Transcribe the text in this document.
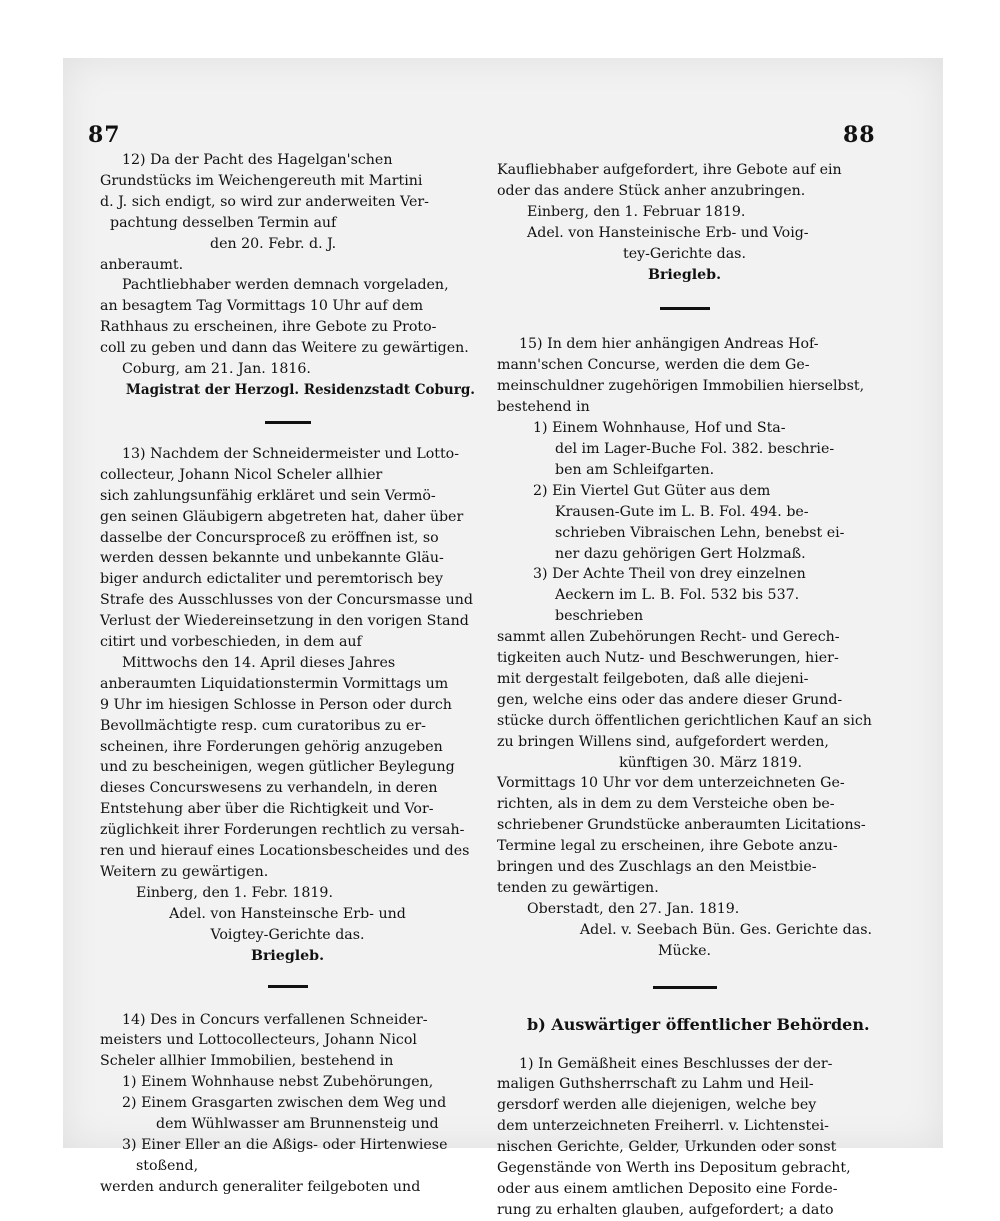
87	88
12) Da der Pacht des Hagelgan'schen
Grundstücks im Weichengereuth mit Martini
d. J. sich endigt, so wird zur anderweiten Ver-
pachtung desselben Termin auf
den 20. Febr. d. J.
anberaumt.
Pachtliebhaber werden demnach vorgeladen,
an besagtem Tag Vormittags 10 Uhr auf dem
Rathhaus zu erscheinen, ihre Gebote zu Proto-
coll zu geben und dann das Weitere zu gewärtigen.
Coburg, am 21. Jan. 1816.
Magistrat der Herzogl. Residenzstadt Coburg.
13) Nachdem der Schneidermeister und Lotto-
collecteur, Johann Nicol Scheler allhier
sich zahlungsunfähig erkläret und sein Vermö-
gen seinen Gläubigern abgetreten hat, daher über
dasselbe der Concursproceß zu eröffnen ist, so
werden dessen bekannte und unbekannte Gläu-
biger andurch edictaliter und peremtorisch bey
Strafe des Ausschlusses von der Concursmasse und
Verlust der Wiedereinsetzung in den vorigen Stand
citirt und vorbeschieden, in dem auf
Mittwochs den 14. April dieses Jahres
anberaumten Liquidationstermin Vormittags um
9 Uhr im hiesigen Schlosse in Person oder durch
Bevollmächtigte resp. cum curatoribus zu er-
scheinen, ihre Forderungen gehörig anzugeben
und zu bescheinigen, wegen gütlicher Beylegung
dieses Concurswesens zu verhandeln, in deren
Entstehung aber über die Richtigkeit und Vor-
züglichkeit ihrer Forderungen rechtlich zu versah-
ren und hierauf eines Locationsbescheides und des
Weitern zu gewärtigen.
Einberg, den 1. Febr. 1819.
Adel. von Hansteinsche Erb- und
Voigtey-Gerichte das.
Briegleb.
14) Des in Concurs verfallenen Schneider-
meisters und Lottocollecteurs, Johann Nicol
Scheler allhier Immobilien, bestehend in
1) Einem Wohnhause nebst Zubehörungen,
2) Einem Grasgarten zwischen dem Weg und
dem Wühlwasser am Brunnensteig und
3) Einer Eller an die Aßigs- oder Hirtenwiese
stoßend,
werden andurch generaliter feilgeboten und
Kaufliebhaber aufgefordert, ihre Gebote auf ein
oder das andere Stück anher anzubringen.
Einberg, den 1. Februar 1819.
Adel. von Hansteinische Erb- und Voig-
tey-Gerichte das.
Briegleb.
15) In dem hier anhängigen Andreas Hof-
mann'schen Concurse, werden die dem Ge-
meinschuldner zugehörigen Immobilien hierselbst,
bestehend in
1) Einem Wohnhause, Hof und Sta-
del im Lager-Buche Fol. 382. beschrie-
ben am Schleifgarten.
2) Ein Viertel Gut Güter aus dem
Krausen-Gute im L. B. Fol. 494. be-
schrieben Vibraischen Lehn, benebst ei-
ner dazu gehörigen Gert Holzmaß.
3) Der Achte Theil von drey einzelnen
Aeckern im L. B. Fol. 532 bis 537.
beschrieben
sammt allen Zubehörungen Recht- und Gerech-
tigkeiten auch Nutz- und Beschwerungen, hier-
mit dergestalt feilgeboten, daß alle diejeni-
gen, welche eins oder das andere dieser Grund-
stücke durch öffentlichen gerichtlichen Kauf an sich
zu bringen Willens sind, aufgefordert werden,
künftigen 30. März 1819.
Vormittags 10 Uhr vor dem unterzeichneten Ge-
richten, als in dem zu dem Versteiche oben be-
schriebener Grundstücke anberaumten Licitations-
Termine legal zu erscheinen, ihre Gebote anzu-
bringen und des Zuschlags an den Meistbie-
tenden zu gewärtigen.
Oberstadt, den 27. Jan. 1819.
Adel. v. Seebach Bün. Ges. Gerichte das.
Mücke.
b) Auswärtiger öffentlicher Behörden.
1) In Gemäßheit eines Beschlusses der der-
maligen Guthsherrschaft zu Lahm und Heil-
gersdorf werden alle diejenigen, welche bey
dem unterzeichneten Freiherrl. v. Lichtenstei-
nischen Gerichte, Gelder, Urkunden oder sonst
Gegenstände von Werth ins Depositum gebracht,
oder aus einem amtlichen Deposito eine Forde-
rung zu erhalten glauben, aufgefordert; a dato
